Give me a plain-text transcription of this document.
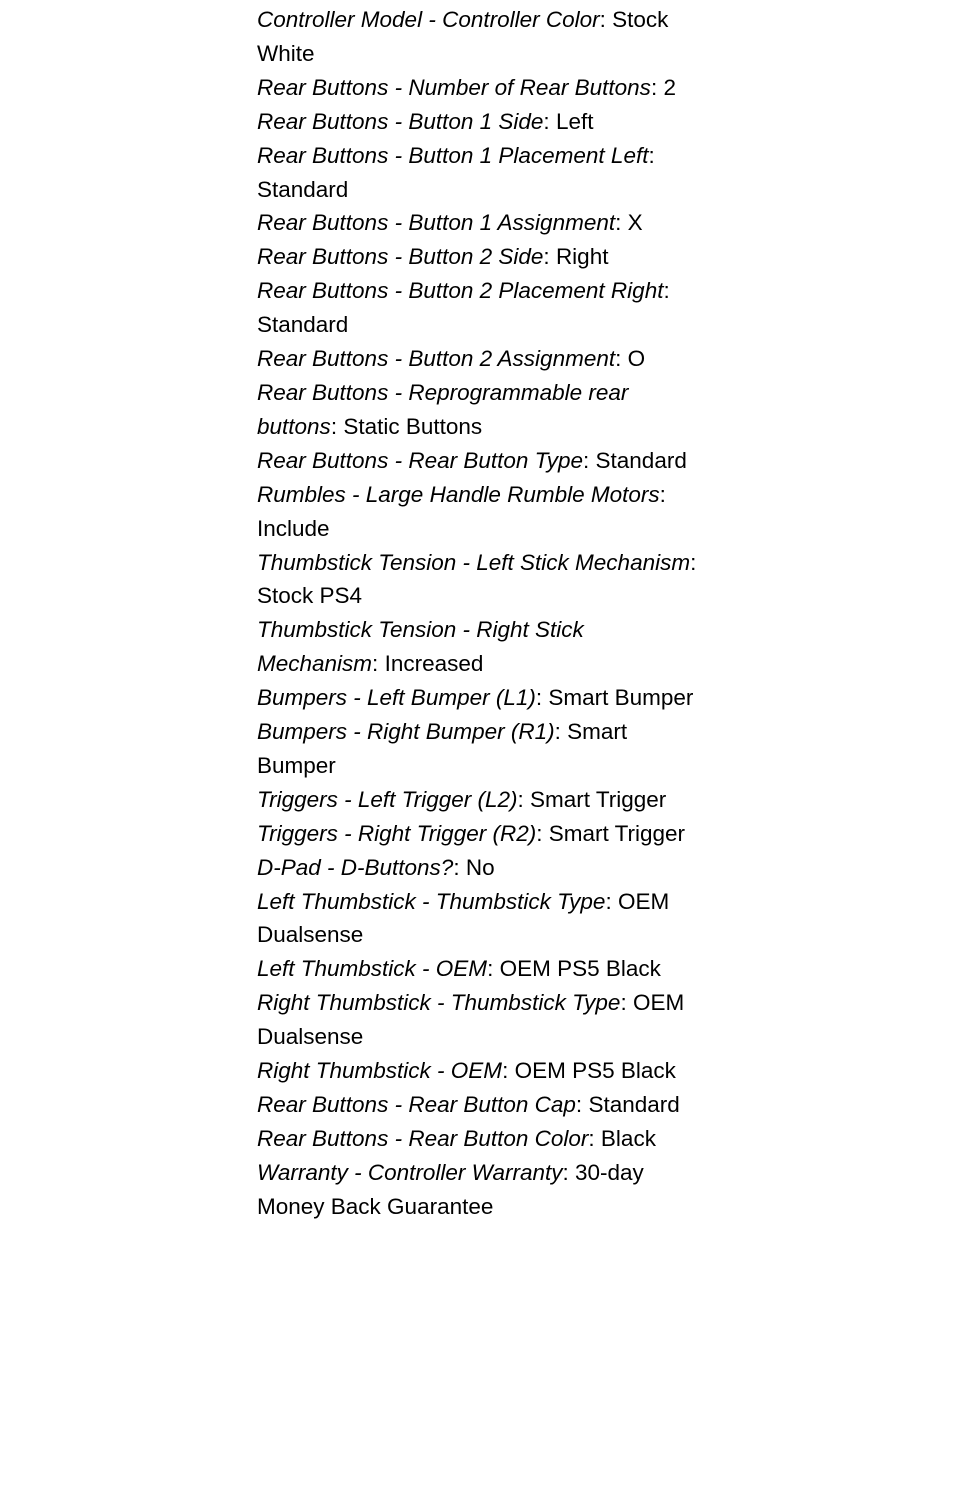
Controller Model - Controller Color: Stock White
Rear Buttons - Number of Rear Buttons: 2
Rear Buttons - Button 1 Side: Left
Rear Buttons - Button 1 Placement Left: Standard
Rear Buttons - Button 1 Assignment: X
Rear Buttons - Button 2 Side: Right
Rear Buttons - Button 2 Placement Right: Standard
Rear Buttons - Button 2 Assignment: O
Rear Buttons - Reprogrammable rear buttons: Static Buttons
Rear Buttons - Rear Button Type: Standard
Rumbles - Large Handle Rumble Motors: Include
Thumbstick Tension - Left Stick Mechanism: Stock PS4
Thumbstick Tension - Right Stick Mechanism: Increased
Bumpers - Left Bumper (L1): Smart Bumper
Bumpers - Right Bumper (R1): Smart Bumper
Triggers - Left Trigger (L2): Smart Trigger
Triggers - Right Trigger (R2): Smart Trigger
D-Pad - D-Buttons?: No
Left Thumbstick - Thumbstick Type: OEM Dualsense
Left Thumbstick - OEM: OEM PS5 Black
Right Thumbstick - Thumbstick Type: OEM Dualsense
Right Thumbstick - OEM: OEM PS5 Black
Rear Buttons - Rear Button Cap: Standard
Rear Buttons - Rear Button Color: Black
Warranty - Controller Warranty: 30-day Money Back Guarantee
